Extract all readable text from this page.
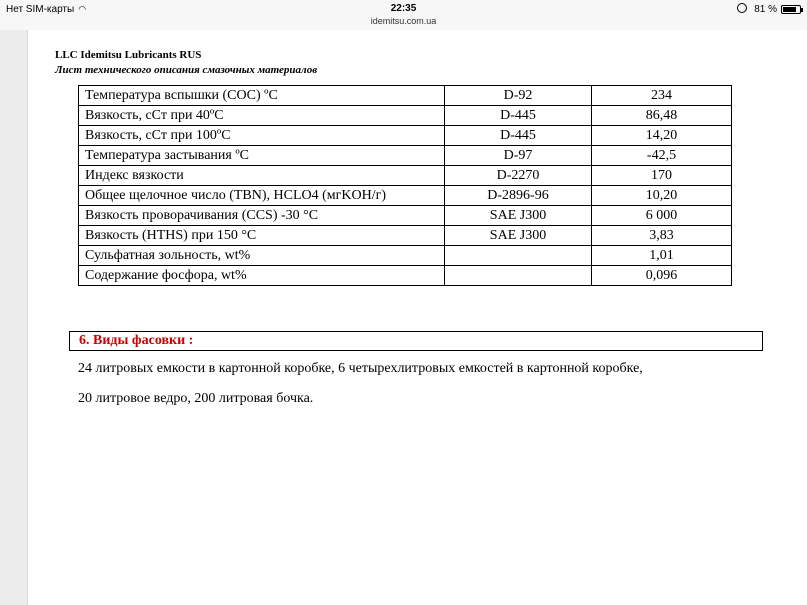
Нет SIM-карты ◠	22:35
idemitsu.com.ua
81 %
LLC Idemitsu Lubricants RUS
Лист технического описания смазочных материалов
Температура вспышки (COC) ºC	D-92	234
Вязкость, cСт при 40ºC	D-445	86,48
Вязкость, cСт при 100ºC	D-445	14,20
Температура застывания ºC	D-97	-42,5
Индекс вязкости	D-2270	170
Общее щелочное число (TBN), HCLO4 (мгKOH/г)	D-2896-96	10,20
Вязкость проворачивания (CCS) -30 °C	SAE J300	6 000
Вязкость (HTHS) при 150 °C	SAE J300	3,83
Сульфатная зольность, wt%		1,01
Содержание фосфора, wt%		0,096
6. Виды фасовки :
24 литровых емкости в картонной коробке, 6 четырехлитровых емкостей в картонной коробке,
20 литровое ведро, 200 литровая бочка.
